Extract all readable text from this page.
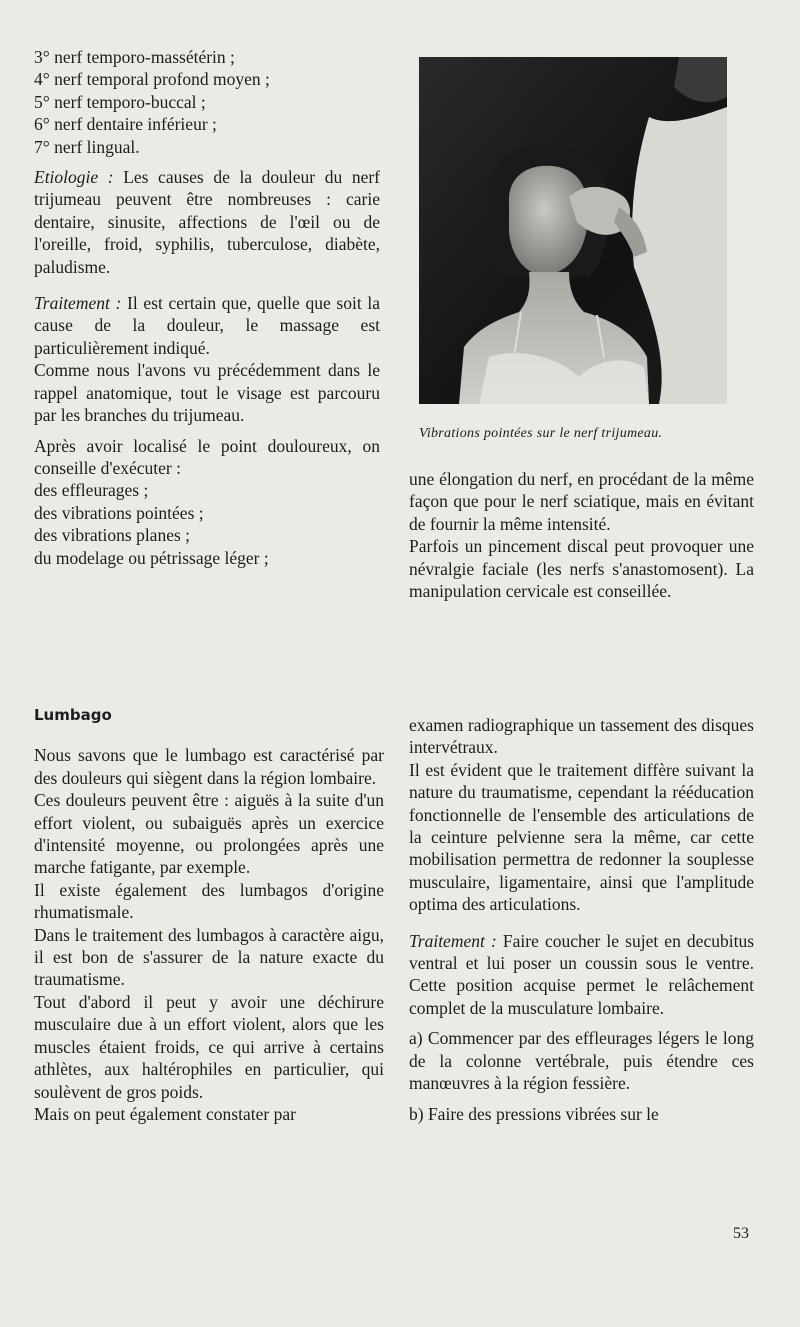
3° nerf temporo-massétérin ;

4° nerf temporal profond moyen ;

5° nerf temporo-buccal ;

6° nerf dentaire inférieur ;

7° nerf lingual.

Etiologie : Les causes de la douleur du nerf trijumeau peuvent être nombreuses : carie dentaire, sinusite, affections de l'œil ou de l'oreille, froid, syphilis, tuberculose, diabète, paludisme.

Traitement : Il est certain que, quelle que soit la cause de la douleur, le massage est particulièrement indiqué.

Comme nous l'avons vu précédemment dans le rappel anatomique, tout le visage est parcouru par les branches du trijumeau.

Après avoir localisé le point douloureux, on conseille d'exécuter :

des effleurages ;

des vibrations pointées ;

des vibrations planes ;

du modelage ou pétrissage léger ;

Vibrations pointées sur le nerf trijumeau.

une élongation du nerf, en procédant de la même façon que pour le nerf sciatique, mais en évitant de fournir la même intensité.

Parfois un pincement discal peut provoquer une névralgie faciale (les nerfs s'anastomosent). La manipulation cervicale est conseillée.

Lumbago

Nous savons que le lumbago est caractérisé par des douleurs qui siègent dans la région lombaire.

Ces douleurs peuvent être : aiguës à la suite d'un effort violent, ou subaiguës après un exercice d'intensité moyenne, ou prolongées après une marche fatigante, par exemple.

Il existe également des lumbagos d'origine rhumatismale.

Dans le traitement des lumbagos à caractère aigu, il est bon de s'assurer de la nature exacte du traumatisme.

Tout d'abord il peut y avoir une déchirure musculaire due à un effort violent, alors que les muscles étaient froids, ce qui arrive à certains athlètes, aux haltérophiles en particulier, qui soulèvent de gros poids.

Mais on peut également constater par

examen radiographique un tassement des disques intervétraux.

Il est évident que le traitement diffère suivant la nature du traumatisme, cependant la rééducation fonctionnelle de l'ensemble des articulations de la ceinture pelvienne sera la même, car cette mobilisation permettra de redonner la souplesse musculaire, ligamentaire, ainsi que l'amplitude optima des articulations.

Traitement : Faire coucher le sujet en decubitus ventral et lui poser un coussin sous le ventre. Cette position acquise permet le relâchement complet de la musculature lombaire.

a) Commencer par des effleurages légers le long de la colonne vertébrale, puis étendre ces manœuvres à la région fessière.

b) Faire des pressions vibrées sur le

53
